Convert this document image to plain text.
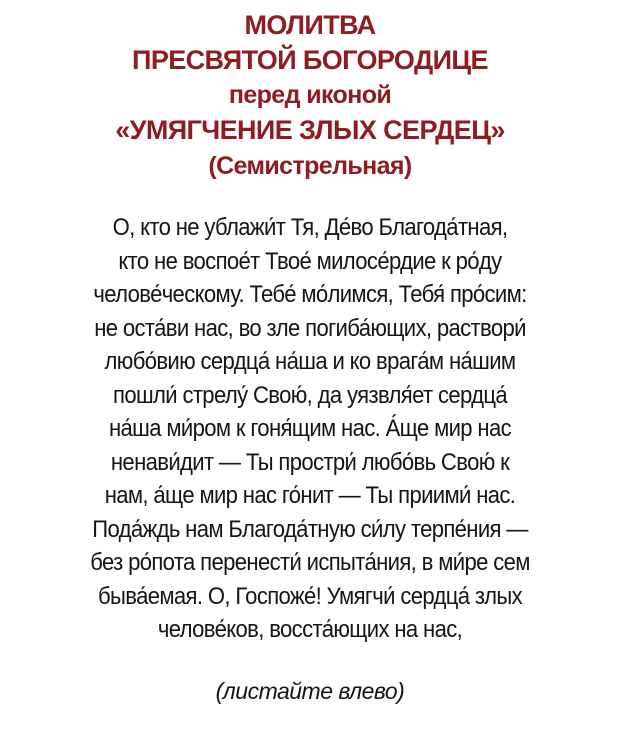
МОЛИТВА
ПРЕСВЯТОЙ БОГОРОДИЦЕ
перед иконой
«УМЯГЧЕНИЕ ЗЛЫХ СЕРДЕЦ»
(Семистрельная)
О, кто не ублажи́т Тя, Де́во Благода́тная,
кто не воспое́т Твое́ милосе́рдие к ро́ду
челове́ческому. Тебе́ мо́лимся, Тебя́ про́сим:
не оста́ви нас, во зле погиба́ющих, раствори́
любо́вию сердца́ на́ша и ко врага́м на́шим
пошли́ стрелу́ Свою́, да уязвля́ет сердца́
на́ша ми́ром к гоня́щим нас. А́ще мир нас
ненави́дит — Ты простри́ любо́вь Свою́ к
нам, а́ще мир нас го́нит — Ты приими́ нас.
Пода́ждь нам Благода́тную си́лу терпе́ния —
без ро́пота перенести́ испыта́ния, в ми́ре сем
быва́емая. О, Госпоже́! Умягчи́ сердца́ злых
челове́ков, восста́ющих на нас,
(листайте влево)
